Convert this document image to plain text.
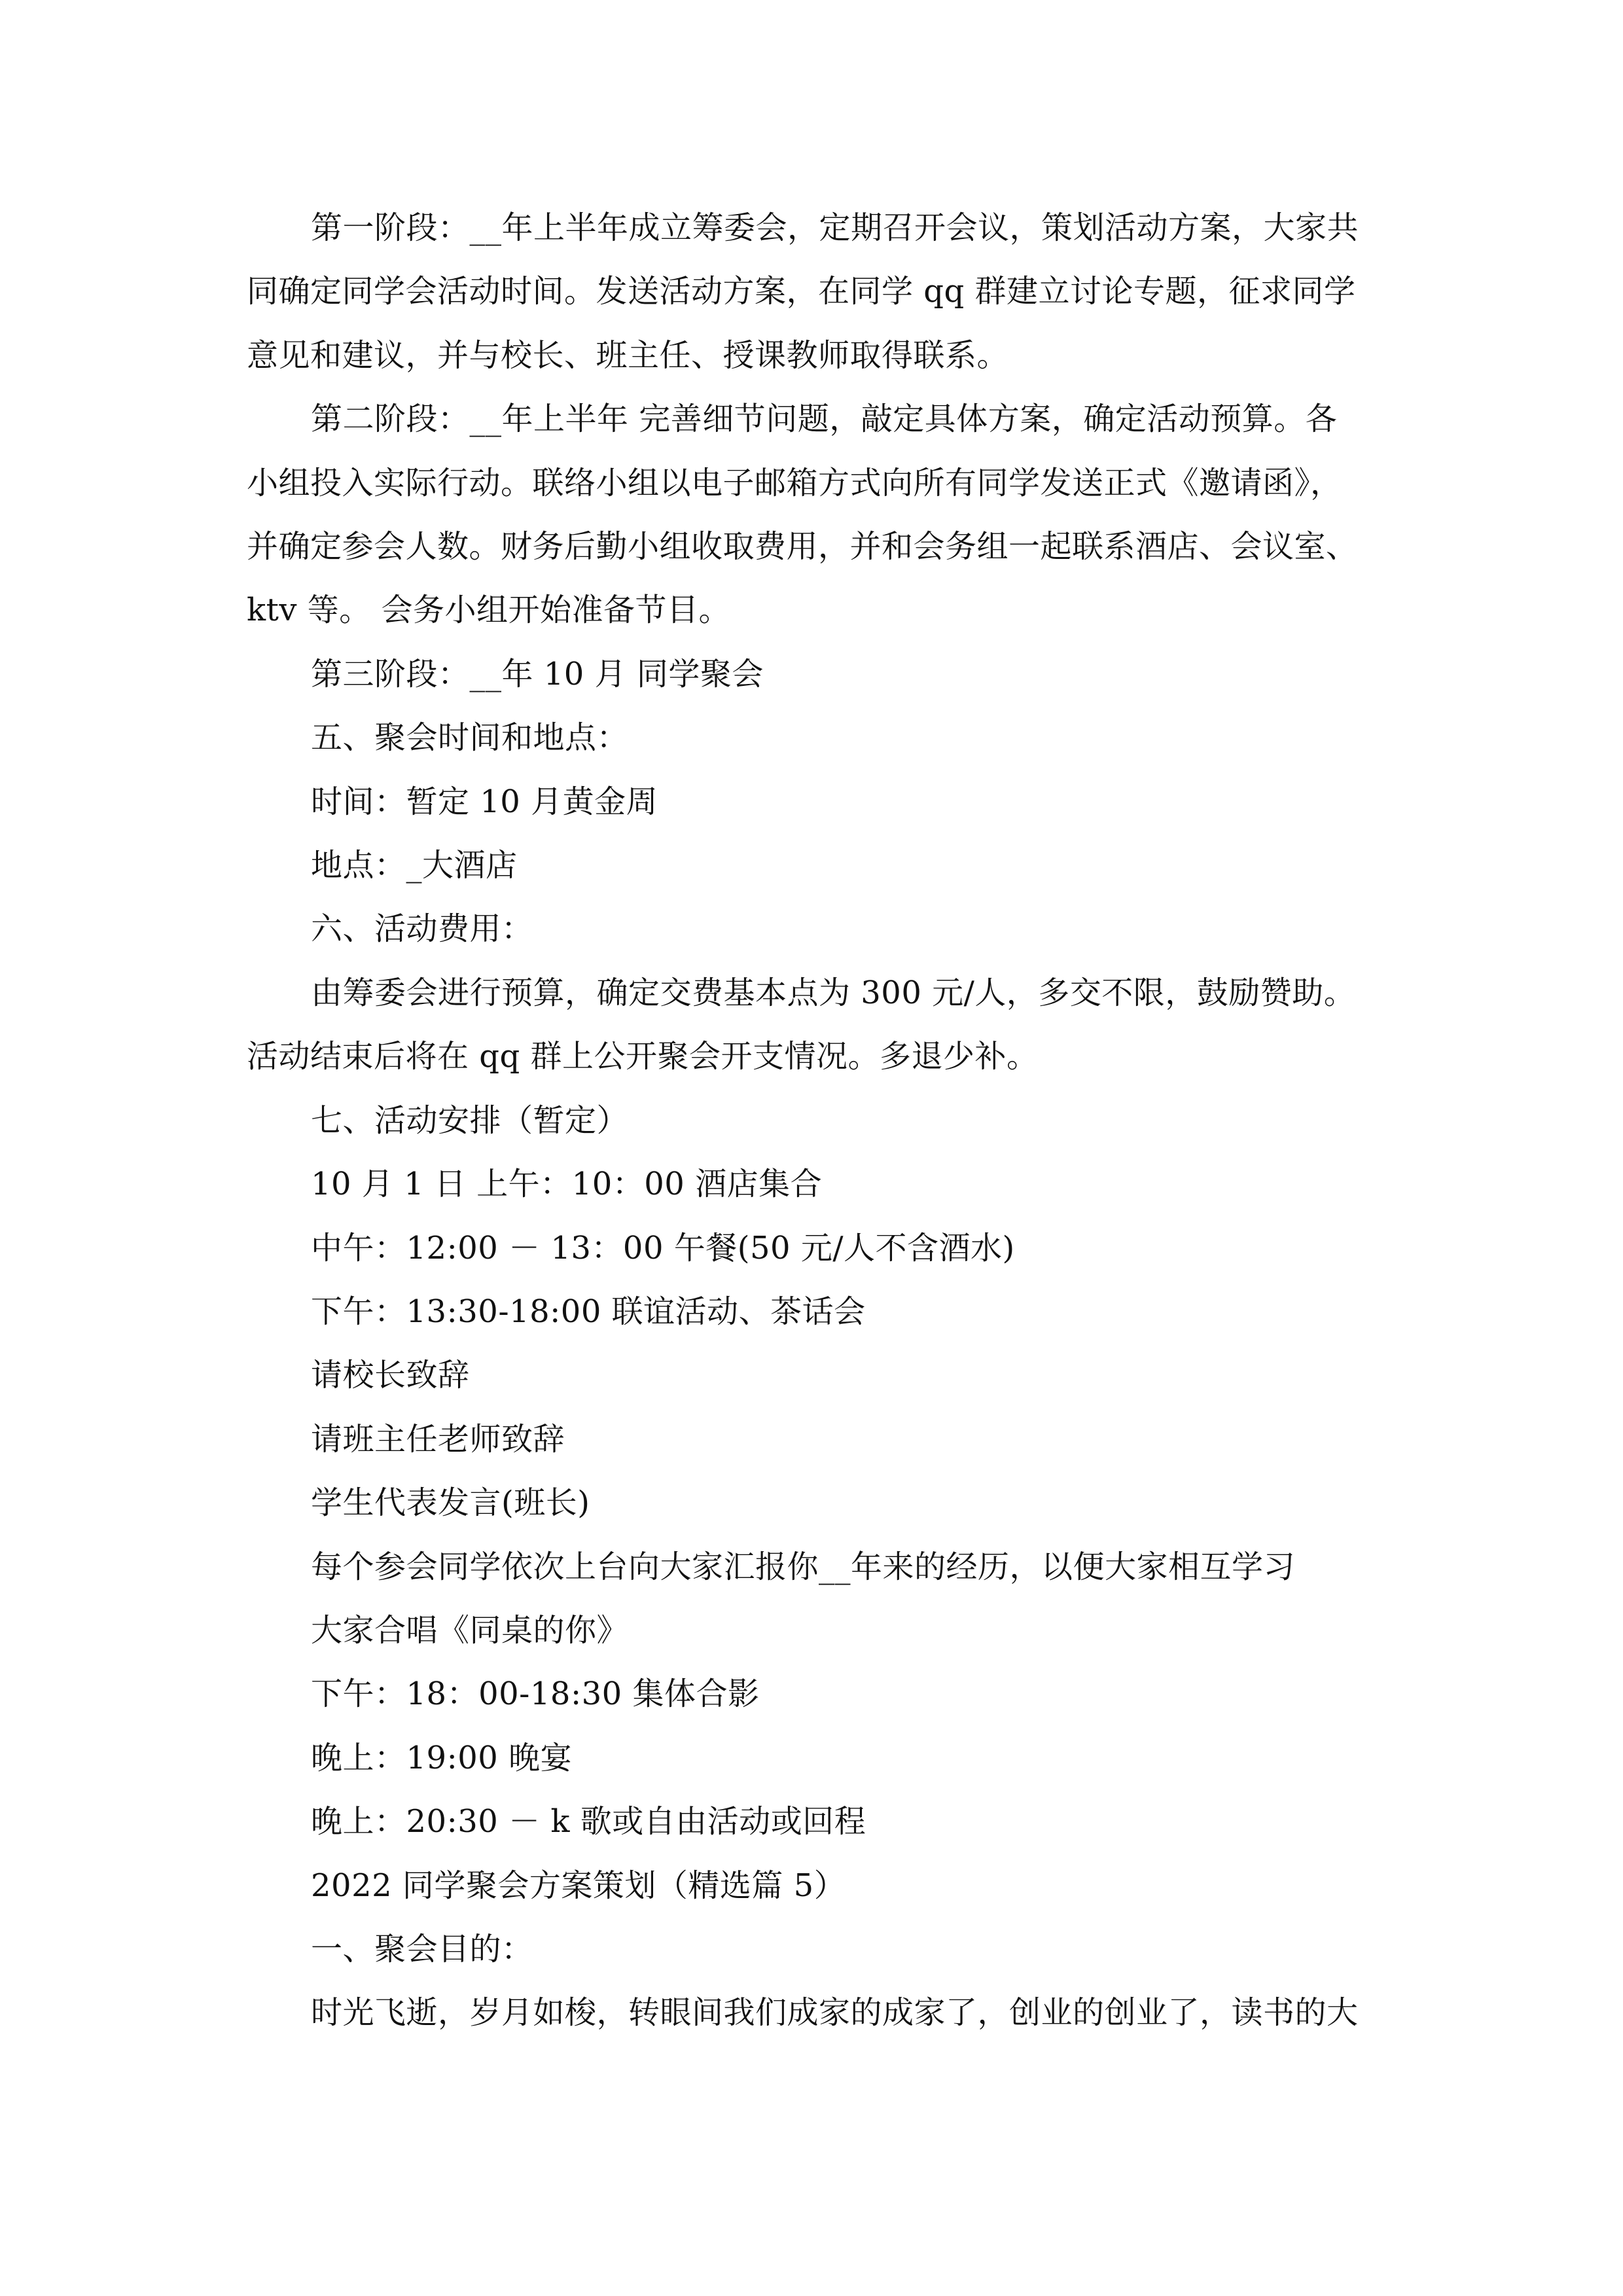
第一阶段：__年上半年成立筹委会，定期召开会议，策划活动方案，大家共
同确定同学会活动时间。发送活动方案，在同学 qq 群建立讨论专题，征求同学
意见和建议，并与校长、班主任、授课教师取得联系。
第二阶段：__年上半年 完善细节问题，敲定具体方案，确定活动预算。各
小组投入实际行动。联络小组以电子邮箱方式向所有同学发送正式《邀请函》，
并确定参会人数。财务后勤小组收取费用，并和会务组一起联系酒店、会议室、
ktv 等。 会务小组开始准备节目。
第三阶段：__年 10 月 同学聚会
五、聚会时间和地点：
时间：暂定 10 月黄金周
地点：_大酒店
六、活动费用：
由筹委会进行预算，确定交费基本点为 300 元/人，多交不限，鼓励赞助。
活动结束后将在 qq 群上公开聚会开支情况。多退少补。
七、活动安排（暂定）
10 月 1 日 上午：10：00 酒店集合
中午：12:00 － 13：00 午餐(50 元/人不含酒水)
下午：13:30-18:00 联谊活动、茶话会
请校长致辞
请班主任老师致辞
学生代表发言(班长)
每个参会同学依次上台向大家汇报你__年来的经历，以便大家相互学习
大家合唱《同桌的你》
下午：18：00-18:30 集体合影
晚上：19:00 晚宴
晚上：20:30 － k 歌或自由活动或回程
2022 同学聚会方案策划（精选篇 5）
一、聚会目的：
时光飞逝，岁月如梭，转眼间我们成家的成家了，创业的创业了，读书的大
